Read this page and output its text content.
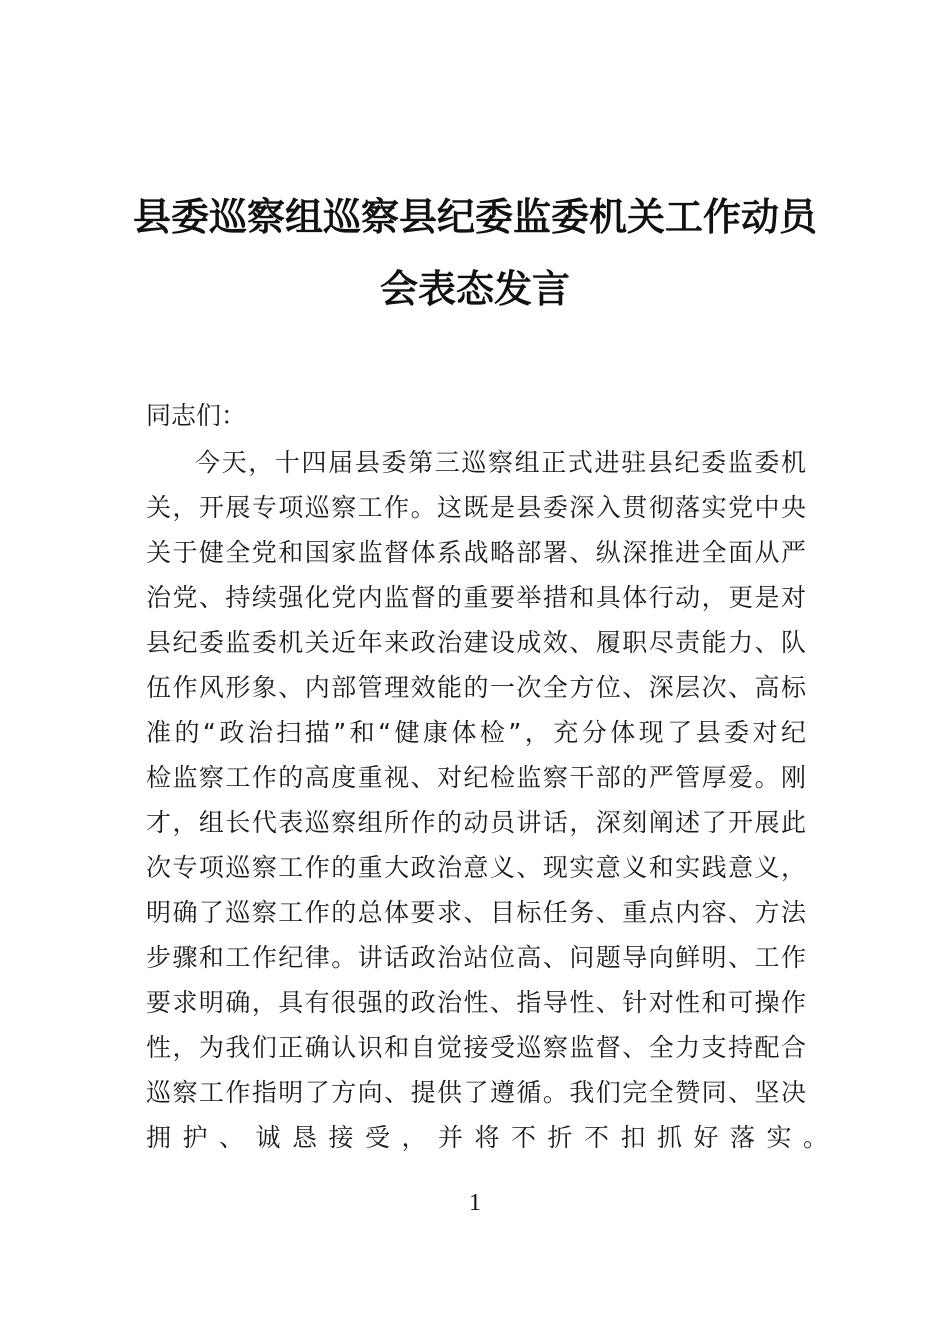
县委巡察组巡察县纪委监委机关工作动员
会表态发言
同志们：
今天，十四届县委第三巡察组正式进驻县纪委监委机
关，开展专项巡察工作。这既是县委深入贯彻落实党中央
关于健全党和国家监督体系战略部署、纵深推进全面从严
治党、持续强化党内监督的重要举措和具体行动，更是对
县纪委监委机关近年来政治建设成效、履职尽责能力、队
伍作风形象、内部管理效能的一次全方位、深层次、高标
准的“政治扫描”和“健康体检”，充分体现了县委对纪
检监察工作的高度重视、对纪检监察干部的严管厚爱。刚
才，组长代表巡察组所作的动员讲话，深刻阐述了开展此
次专项巡察工作的重大政治意义、现实意义和实践意义，
明确了巡察工作的总体要求、目标任务、重点内容、方法
步骤和工作纪律。讲话政治站位高、问题导向鲜明、工作
要求明确，具有很强的政治性、指导性、针对性和可操作
性，为我们正确认识和自觉接受巡察监督、全力支持配合
巡察工作指明了方向、提供了遵循。我们完全赞同、坚决
拥护、诚恳接受，并将不折不扣抓好落实。
1
